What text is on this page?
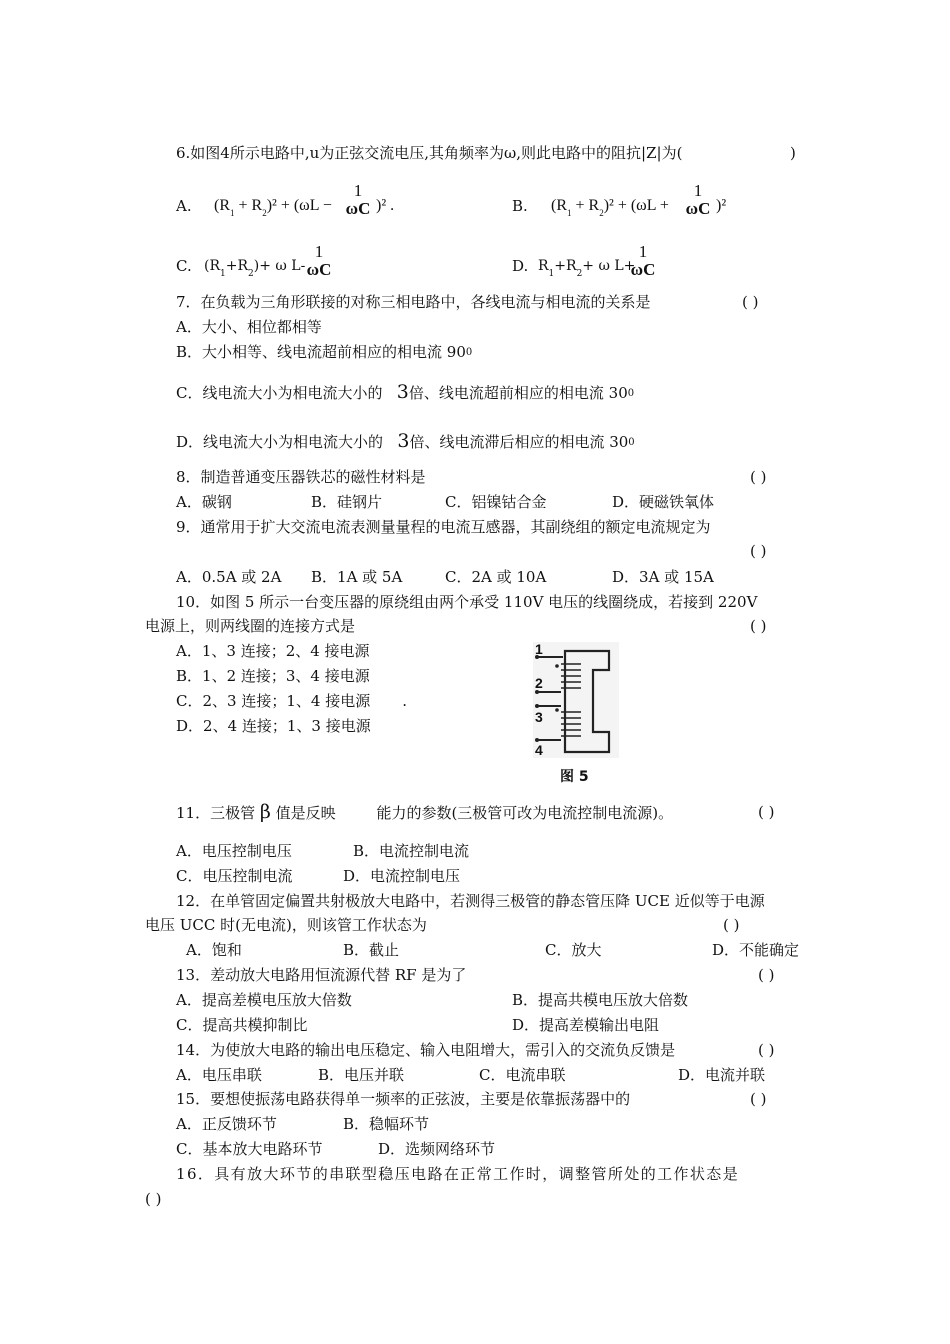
6.如图4所示电路中,u为正弦交流电压,其角频率为ω,则此电路中的阻抗|Z|为(	)
A. $(R_1 + R_2)^2 + (\omega L$ −
1
ωC )² .	B. $(R_1 + R_2)^2 + (\omega L$ +
1
ωC )²
C. $(R_1+R_2)+ \omega$ L-
1
ωC	D. $R_1+R_2+ \omega$ L+
1
ωC
7．在负载为三角形联接的对称三相电路中，各线电流与相电流的关系是	( )
A．大小、相位都相等
B．大小相等、线电流超前相应的相电流 900
C．线电流大小为相电流大小的 3倍、线电流超前相应的相电流 300
D．线电流大小为相电流大小的 3倍、线电流滞后相应的相电流 300
8．制造普通变压器铁芯的磁性材料是	( )
A．碳钢	B．硅钢片	C．铝镍钴合金	D．硬磁铁氧体
9．通常用于扩大交流电流表测量量程的电流互感器，其副绕组的额定电流规定为
( )
A．0.5A 或 2A B．1A 或 5A	C．2A 或 10A	D．3A 或 15A
10．如图 5 所示一台变压器的原绕组由两个承受 110V 电压的线圈绕成，若接到 220V
电源上，则两线圈的连接方式是	( )
A．1、3 连接；2、4 接电源
B．1、2 连接；3、4 接电源
C．2、3 连接；1、4 接电源 .
D．2、4 连接；1、3 接电源
1
2
3
4
图 5
11．三极管 β 值是反映	能力的参数(三极管可改为电流控制电流源)。	( )
A．电压控制电压	B．电流控制电流
C．电压控制电流	D．电流控制电压
12．在单管固定偏置共射极放大电路中，若测得三极管的静态管压降 UCE 近似等于电源
电压 UCC 时(无电流)，则该管工作状态为	( )
A．饱和	B．截止	C．放大	D．不能确定
13．差动放大电路用恒流源代替 RF 是为了	( )
A．提高差模电压放大倍数	B．提高共模电压放大倍数
C．提高共模抑制比	D．提高差模输出电阻
14．为使放大电路的输出电压稳定、输入电阻增大，需引入的交流负反馈是	( )
A．电压串联	B．电压并联	C．电流串联	D．电流并联
15．要想使振荡电路获得单一频率的正弦波，主要是依靠振荡器中的	( )
A．正反馈环节	B．稳幅环节
C．基本放大电路环节	D．选频网络环节
16．具有放大环节的串联型稳压电路在正常工作时，调整管所处的工作状态是
( )
